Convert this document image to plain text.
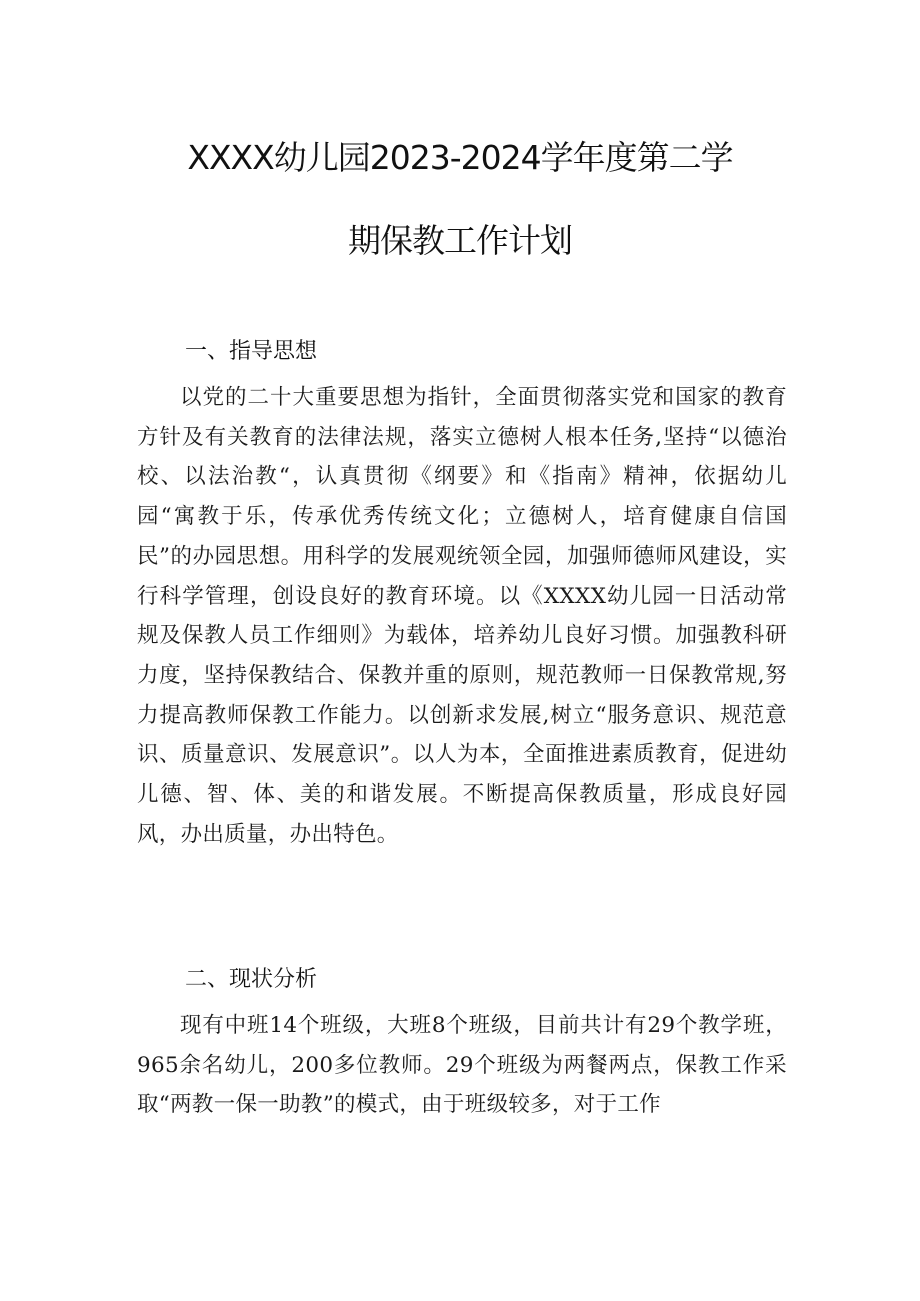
XXXX幼儿园2023-2024学年度第二学
期保教工作计划
一、指导思想

以党的二十大重要思想为指针，全面贯彻落实党和国家的教育方针及有关教育的法律法规，落实立德树人根本任务,坚持“以德治校、以法治教“，认真贯彻《纲要》和《指南》精神，依据幼儿园“寓教于乐，传承优秀传统文化；立德树人，培育健康自信国民”的办园思想。用科学的发展观统领全园，加强师德师风建设，实行科学管理，创设良好的教育环境。以《XXXX幼儿园一日活动常规及保教人员工作细则》为载体，培养幼儿良好习惯。加强教科研力度，坚持保教结合、保教并重的原则，规范教师一日保教常规,努力提高教师保教工作能力。以创新求发展,树立“服务意识、规范意识、质量意识、发展意识”。以人为本，全面推进素质教育，促进幼儿德、智、体、美的和谐发展。不断提高保教质量，形成良好园风，办出质量，办出特色。

二、现状分析

现有中班14个班级，大班8个班级，目前共计有29个教学班，965余名幼儿，200多位教师。29个班级为两餐两点，保教工作采取“两教一保一助教”的模式，由于班级较多，对于工作
